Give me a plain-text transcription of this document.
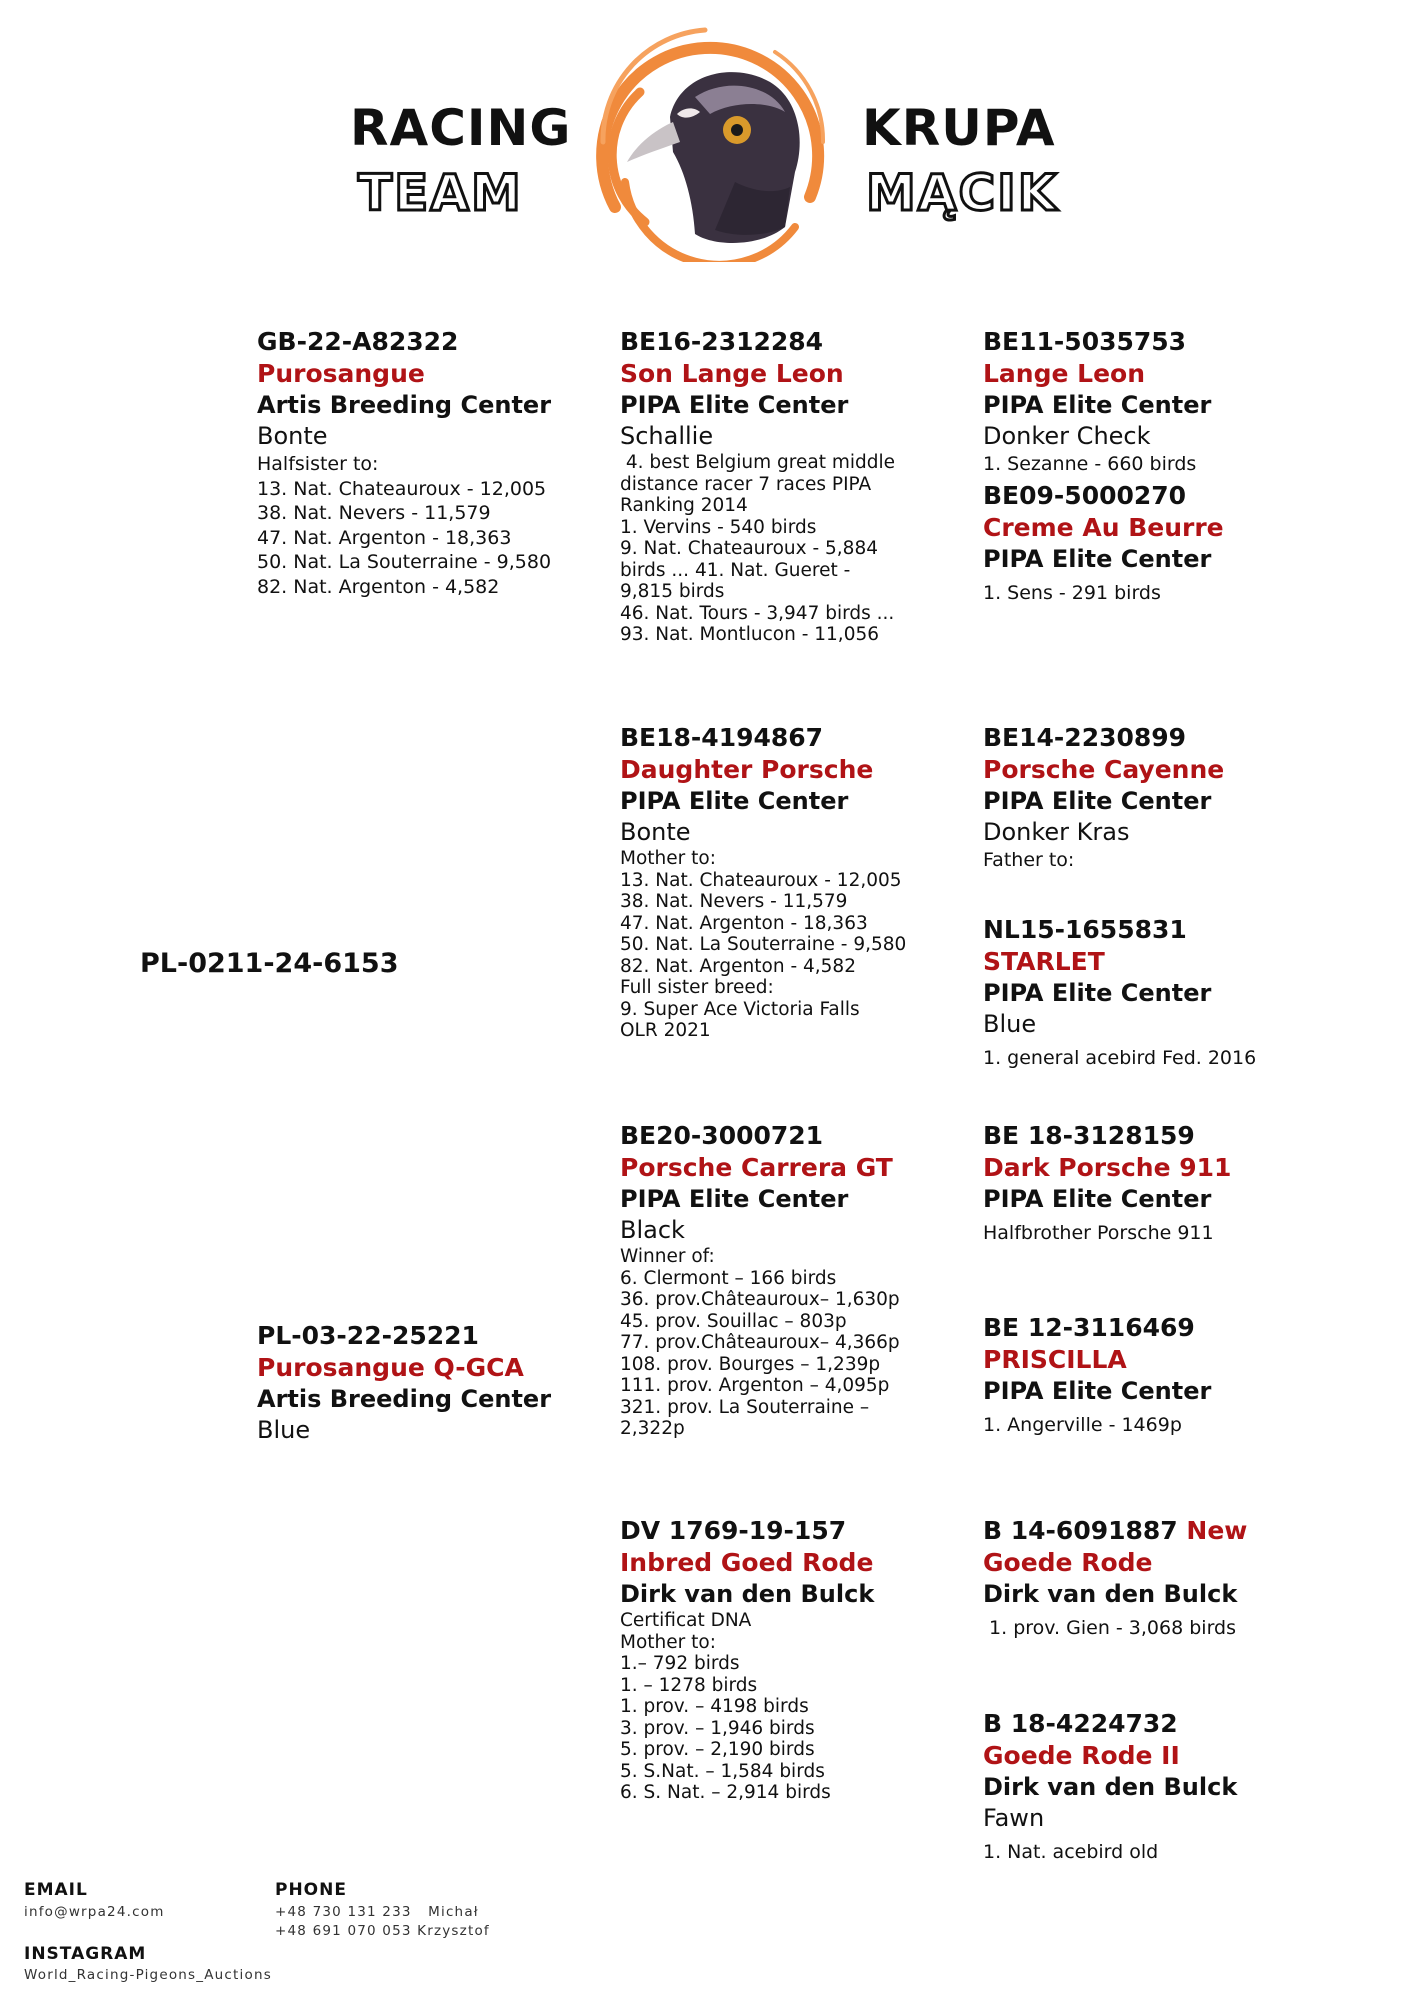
RACING
TEAM
KRUPA
MĄCIK
PL-0211-24-6153
GB-22-A82322
Purosangue
Artis Breeding Center
Bonte
Halfsister to:
13. Nat. Chateauroux - 12,005
38. Nat. Nevers - 11,579
47. Nat. Argenton - 18,363
50. Nat. La Souterraine - 9,580
82. Nat. Argenton - 4,582
PL-03-22-25221
Purosangue Q-GCA
Artis Breeding Center
Blue
BE16-2312284
Son Lange Leon
PIPA Elite Center
Schallie
4. best Belgium great middle
distance racer 7 races PIPA
Ranking 2014
1. Vervins - 540 birds
9. Nat. Chateauroux - 5,884
birds ... 41. Nat. Gueret -
9,815 birds
46. Nat. Tours - 3,947 birds ...
93. Nat. Montlucon - 11,056
BE18-4194867
Daughter Porsche
PIPA Elite Center
Bonte
Mother to:
13. Nat. Chateauroux - 12,005
38. Nat. Nevers - 11,579
47. Nat. Argenton - 18,363
50. Nat. La Souterraine - 9,580
82. Nat. Argenton - 4,582
Full sister breed:
9. Super Ace Victoria Falls
OLR 2021
BE20-3000721
Porsche Carrera GT
PIPA Elite Center
Black
Winner of:
6. Clermont – 166 birds
36. prov.Châteauroux– 1,630p
45. prov. Souillac – 803p
77. prov.Châteauroux– 4,366p
108. prov. Bourges – 1,239p
111. prov. Argenton – 4,095p
321. prov. La Souterraine –
2,322p
DV 1769-19-157
Inbred Goed Rode
Dirk van den Bulck
Certificat DNA
Mother to:
1.– 792 birds
1. – 1278 birds
1. prov. – 4198 birds
3. prov. – 1,946 birds
5. prov. – 2,190 birds
5. S.Nat. – 1,584 birds
6. S. Nat. – 2,914 birds
BE11-5035753
Lange Leon
PIPA Elite Center
Donker Check
1. Sezanne - 660 birds
BE09-5000270
Creme Au Beurre
PIPA Elite Center
1. Sens - 291 birds
BE14-2230899
Porsche Cayenne
PIPA Elite Center
Donker Kras
Father to:
NL15-1655831
STARLET
PIPA Elite Center
Blue
1. general acebird Fed. 2016
BE 18-3128159
Dark Porsche 911
PIPA Elite Center
Halfbrother Porsche 911
BE 12-3116469
PRISCILLA
PIPA Elite Center
1. Angerville - 1469p
B 14-6091887 New
Goede Rode
Dirk van den Bulck
1. prov. Gien - 3,068 birds
B 18-4224732
Goede Rode II
Dirk van den Bulck
Fawn
1. Nat. acebird old
EMAIL
info@wrpa24.com
PHONE
+48 730 131 233   Michał
+48 691 070 053 Krzysztof
INSTAGRAM
World_Racing-Pigeons_Auctions
